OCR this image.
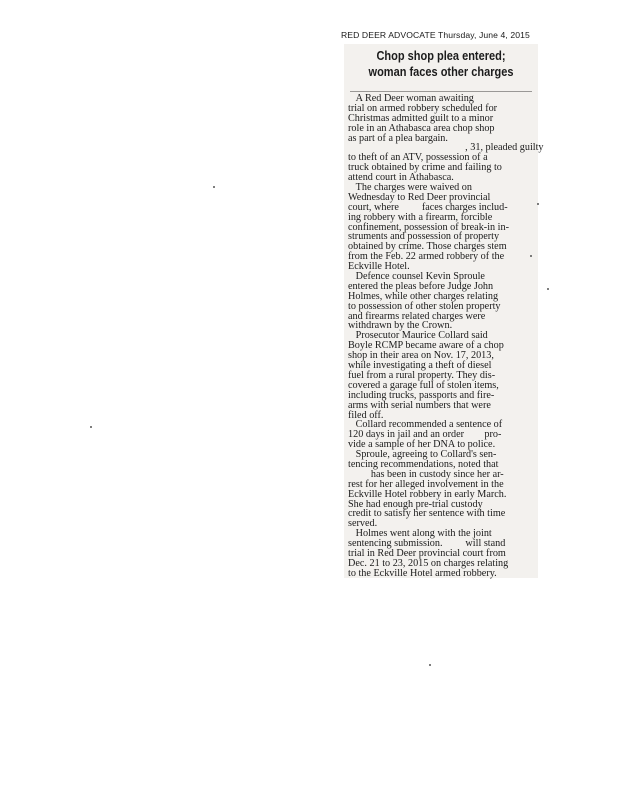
RED DEER ADVOCATE Thursday, June 4, 2015
Chop shop plea entered;
woman faces other charges
A Red Deer woman awaiting
trial on armed robbery scheduled for
Christmas admitted guilt to a minor
role in an Athabasca area chop shop
as part of a plea bargain.
, 31, pleaded guilty
to theft of an ATV, possession of a
truck obtained by crime and failing to
attend court in Athabasca.
The charges were waived on
Wednesday to Red Deer provincial
court, where         faces charges includ-
ing robbery with a firearm, forcible
confinement, possession of break-in in-
struments and possession of property
obtained by crime. Those charges stem
from the Feb. 22 armed robbery of the
Eckville Hotel.
Defence counsel Kevin Sproule
entered the pleas before Judge John
Holmes, while other charges relating
to possession of other stolen property
and firearms related charges were
withdrawn by the Crown.
Prosecutor Maurice Collard said
Boyle RCMP became aware of a chop
shop in their area on Nov. 17, 2013,
while investigating a theft of diesel
fuel from a rural property. They dis-
covered a garage full of stolen items,
including trucks, passports and fire-
arms with serial numbers that were
filed off.
Collard recommended a sentence of
120 days in jail and an order        pro-
vide a sample of her DNA to police.
Sproule, agreeing to Collard's sen-
tencing recommendations, noted that
has been in custody since her ar-
rest for her alleged involvement in the
Eckville Hotel robbery in early March.
She had enough pre-trial custody
credit to satisfy her sentence with time
served.
Holmes went along with the joint
sentencing submission.         will stand
trial in Red Deer provincial court from
Dec. 21 to 23, 2015 on charges relating
to the Eckville Hotel armed robbery.
